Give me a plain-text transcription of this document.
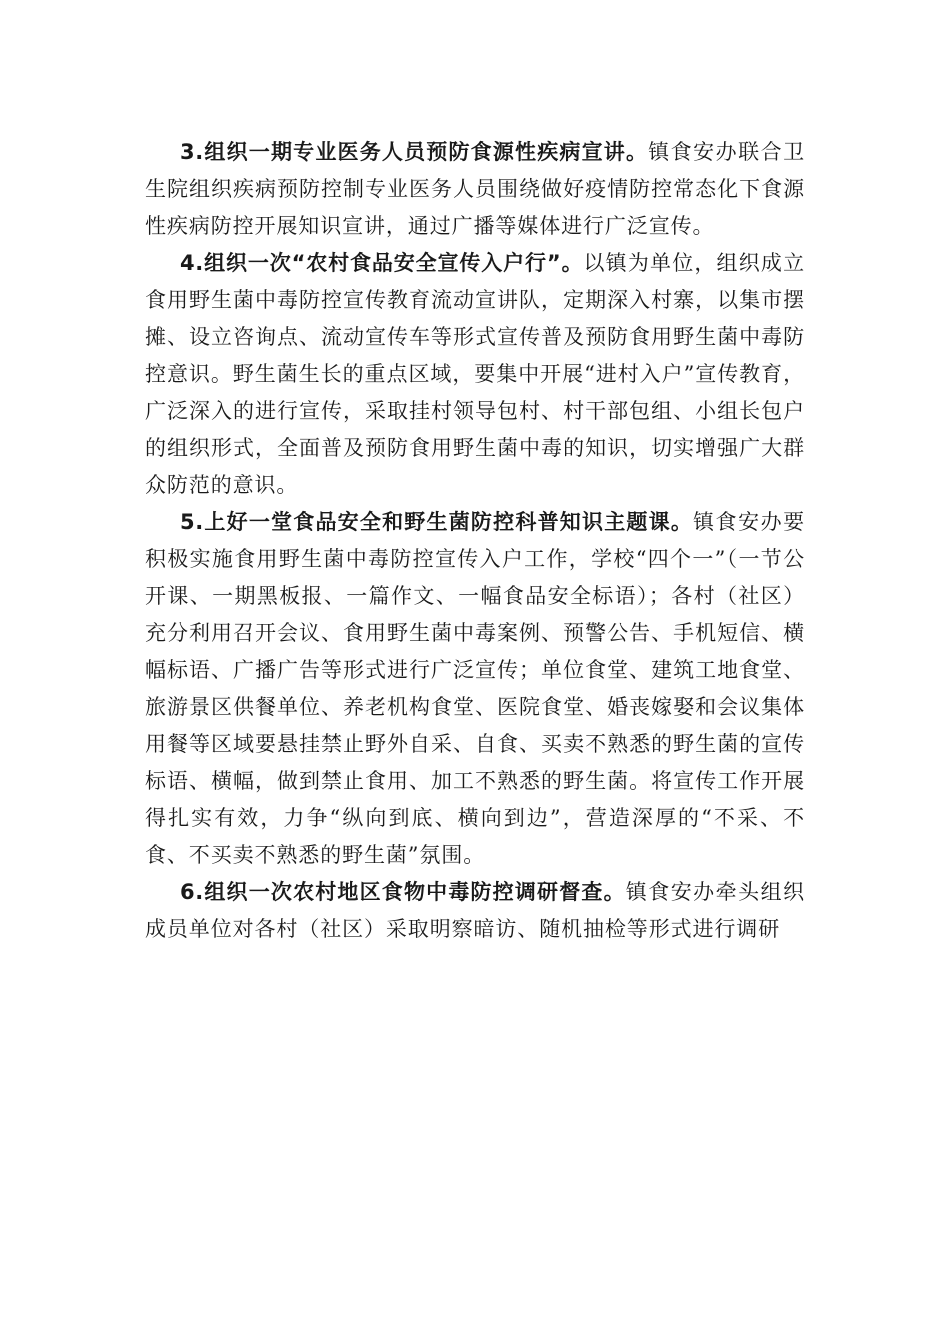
3.组织一期专业医务人员预防食源性疾病宣讲。镇食安办联合卫生院组织疾病预防控制专业医务人员围绕做好疫情防控常态化下食源性疾病防控开展知识宣讲，通过广播等媒体进行广泛宣传。

4.组织一次“农村食品安全宣传入户行”。以镇为单位，组织成立食用野生菌中毒防控宣传教育流动宣讲队，定期深入村寨，以集市摆摊、设立咨询点、流动宣传车等形式宣传普及预防食用野生菌中毒防控意识。野生菌生长的重点区域，要集中开展“进村入户”宣传教育，广泛深入的进行宣传，采取挂村领导包村、村干部包组、小组长包户的组织形式，全面普及预防食用野生菌中毒的知识，切实增强广大群众防范的意识。

5.上好一堂食品安全和野生菌防控科普知识主题课。镇食安办要积极实施食用野生菌中毒防控宣传入户工作，学校“四个一”（一节公开课、一期黑板报、一篇作文、一幅食品安全标语）；各村（社区）充分利用召开会议、食用野生菌中毒案例、预警公告、手机短信、横幅标语、广播广告等形式进行广泛宣传；单位食堂、建筑工地食堂、旅游景区供餐单位、养老机构食堂、医院食堂、婚丧嫁娶和会议集体用餐等区域要悬挂禁止野外自采、自食、买卖不熟悉的野生菌的宣传标语、横幅，做到禁止食用、加工不熟悉的野生菌。将宣传工作开展得扎实有效，力争“纵向到底、横向到边”，营造深厚的“不采、不食、不买卖不熟悉的野生菌”氛围。

6.组织一次农村地区食物中毒防控调研督查。镇食安办牵头组织成员单位对各村（社区）采取明察暗访、随机抽检等形式进行调研
